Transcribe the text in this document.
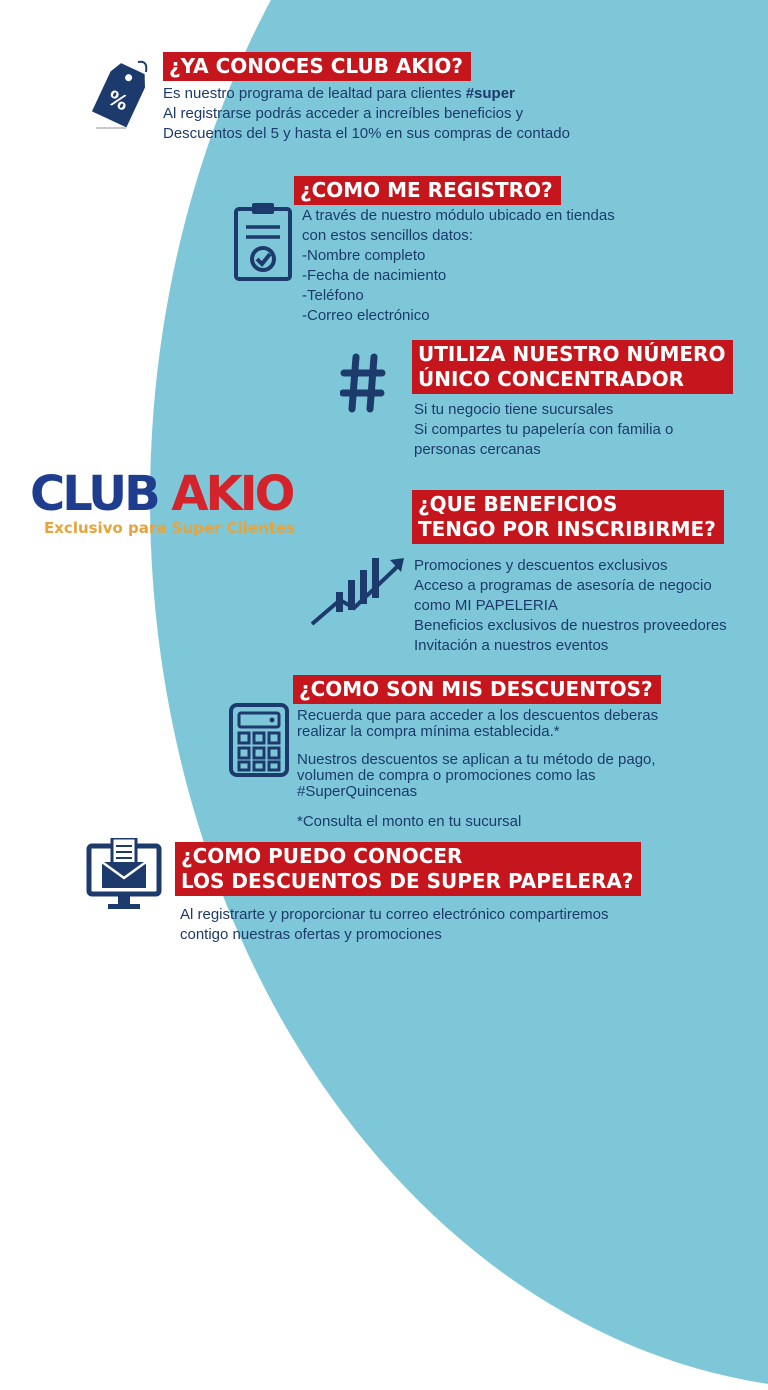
%
¿YA CONOCES CLUB AKIO?
Es nuestro programa de lealtad para clientes #super
Al registrarse podrás acceder a increíbles beneficios y
Descuentos del 5 y hasta el 10% en sus compras de contado
¿COMO ME REGISTRO?
A través de nuestro módulo ubicado en tiendas
con estos sencillos datos:
-Nombre completo
-Fecha de nacimiento
-Teléfono
-Correo electrónico
UTILIZA NUESTRO NÚMERO
ÚNICO CONCENTRADOR
Si tu negocio tiene sucursales
Si compartes tu papelería con familia o
personas cercanas
CLUB AKIO
Exclusivo para Super Clientes
¿QUE BENEFICIOS
TENGO POR INSCRIBIRME?
Promociones y descuentos exclusivos
Acceso a programas de asesoría de negocio
como MI PAPELERIA
Beneficios exclusivos de nuestros proveedores
Invitación a nuestros eventos
¿COMO SON MIS DESCUENTOS?
Recuerda que para acceder a los descuentos deberas
realizar la compra mínima establecida.*
Nuestros descuentos se aplican a tu método de pago,
volumen de compra o promociones como las
#SuperQuincenas
*Consulta el monto en tu sucursal
¿COMO PUEDO CONOCER
LOS DESCUENTOS DE SUPER PAPELERA?
Al registrarte y proporcionar tu correo electrónico compartiremos
contigo nuestras ofertas y promociones
